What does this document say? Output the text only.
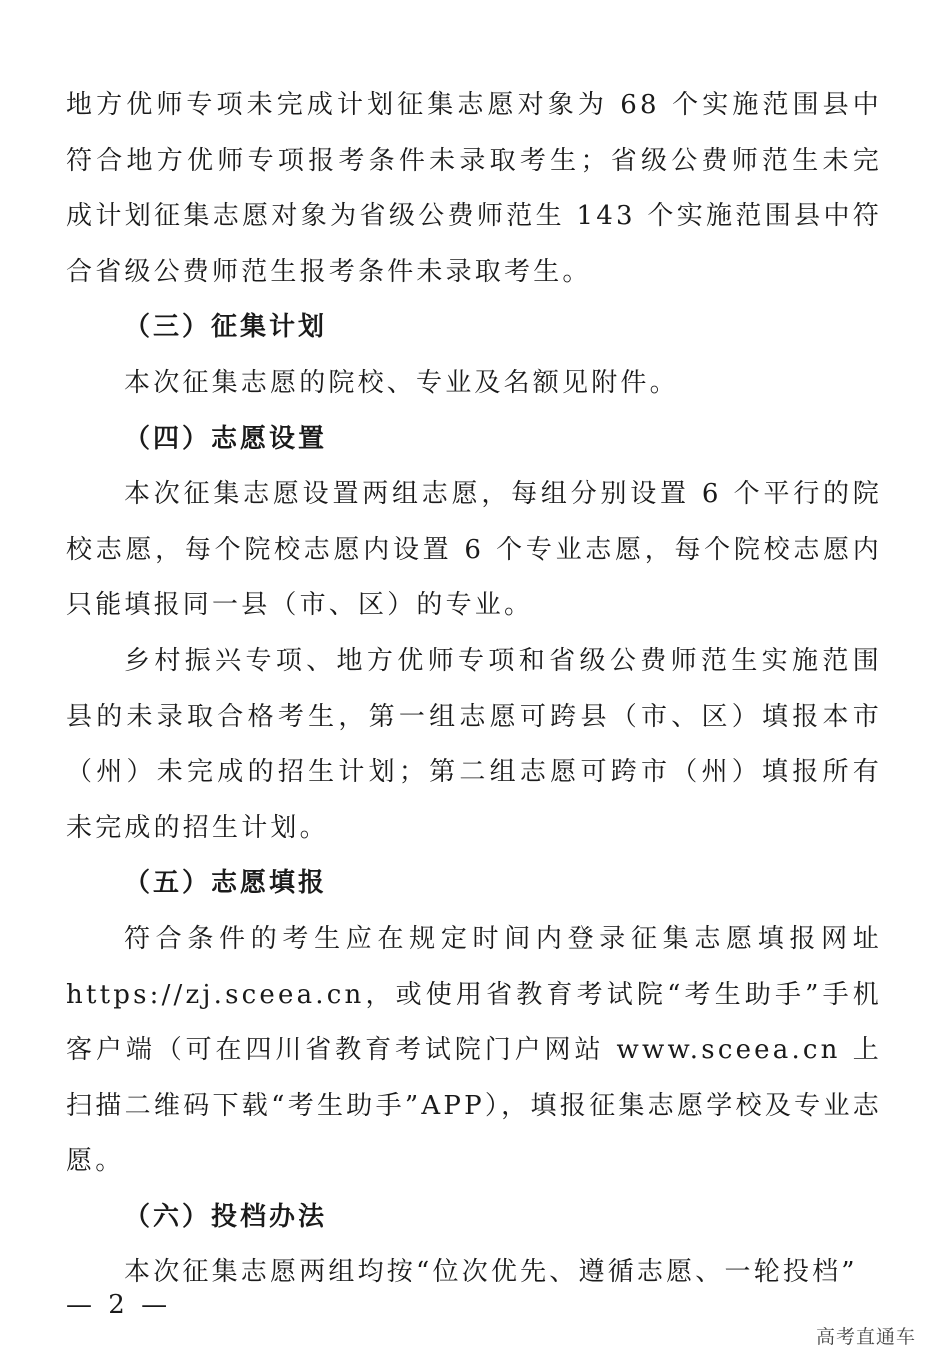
地方优师专项未完成计划征集志愿对象为 68 个实施范围县中符合地方优师专项报考条件未录取考生；省级公费师范生未完成计划征集志愿对象为省级公费师范生 143 个实施范围县中符合省级公费师范生报考条件未录取考生。

（三）征集计划

本次征集志愿的院校、专业及名额见附件。

（四）志愿设置

本次征集志愿设置两组志愿，每组分别设置 6 个平行的院校志愿，每个院校志愿内设置 6 个专业志愿，每个院校志愿内只能填报同一县（市、区）的专业。

乡村振兴专项、地方优师专项和省级公费师范生实施范围县的未录取合格考生，第一组志愿可跨县（市、区）填报本市（州）未完成的招生计划；第二组志愿可跨市（州）填报所有未完成的招生计划。

（五）志愿填报

符合条件的考生应在规定时间内登录征集志愿填报网址 https://zj.sceea.cn，或使用省教育考试院“考生助手”手机客户端（可在四川省教育考试院门户网站 www.sceea.cn 上扫描二维码下载“考生助手”APP），填报征集志愿学校及专业志愿。

（六）投档办法

本次征集志愿两组均按“位次优先、遵循志愿、一轮投档”

— 2 —
高考直通车
